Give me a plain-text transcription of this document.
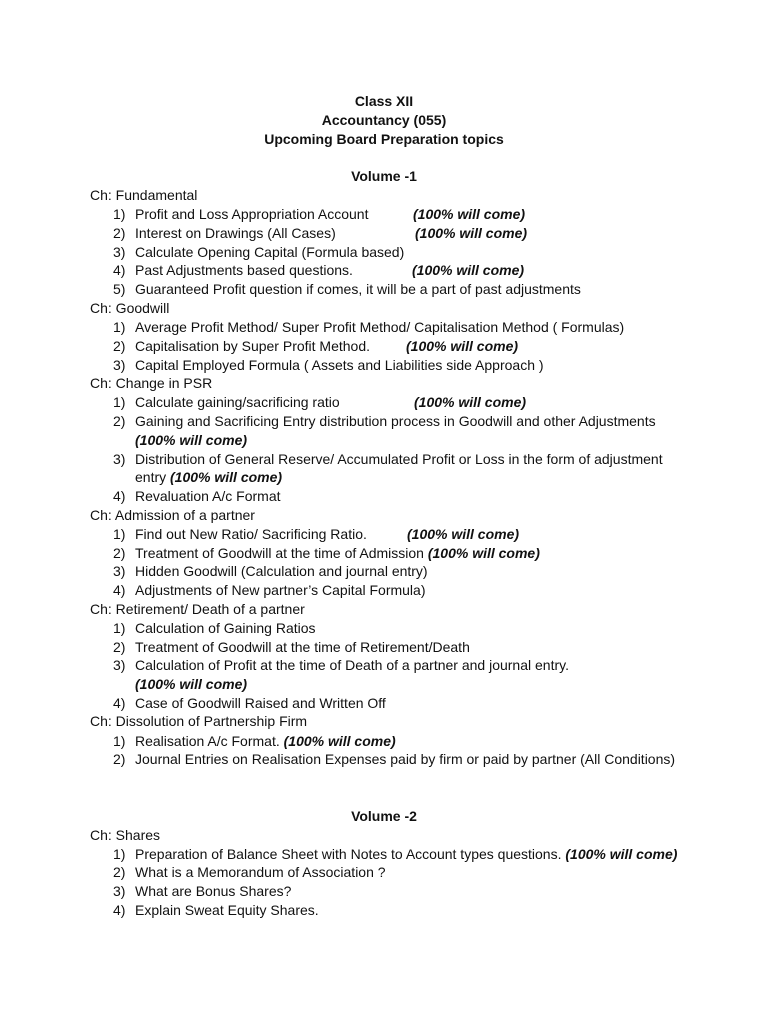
Class XII
Accountancy (055)
Upcoming Board Preparation topics
Volume -1
Ch: Fundamental
1) Profit and Loss Appropriation Account	(100% will come)
2) Interest on Drawings (All Cases)	(100% will come)
3) Calculate Opening Capital (Formula based)
4) Past Adjustments based questions.	(100% will come)
5) Guaranteed Profit question if comes, it will be a part of past adjustments
Ch: Goodwill
1) Average Profit Method/ Super Profit Method/ Capitalisation Method ( Formulas)
2) Capitalisation by Super Profit Method.	(100% will come)
3) Capital Employed Formula ( Assets and Liabilities side Approach )
Ch: Change in PSR
1) Calculate gaining/sacrificing ratio	(100% will come)
2) Gaining and Sacrificing Entry distribution process in Goodwill and other Adjustments
(100% will come)
3) Distribution of General Reserve/ Accumulated Profit or Loss in the form of adjustment
entry (100% will come)
4) Revaluation A/c Format
Ch: Admission of a partner
1) Find out New Ratio/ Sacrificing Ratio.	(100% will come)
2) Treatment of Goodwill at the time of Admission (100% will come)
3) Hidden Goodwill (Calculation and journal entry)
4) Adjustments of New partner’s Capital Formula)
Ch: Retirement/ Death of a partner
1) Calculation of Gaining Ratios
2) Treatment of Goodwill at the time of Retirement/Death
3) Calculation of Profit at the time of Death of a partner and journal entry.
(100% will come)
4) Case of Goodwill Raised and Written Off
Ch: Dissolution of Partnership Firm
1) Realisation A/c Format. (100% will come)
2) Journal Entries on Realisation Expenses paid by firm or paid by partner (All Conditions)
Volume -2
Ch: Shares
1) Preparation of Balance Sheet with Notes to Account types questions. (100% will come)
2) What is a Memorandum of Association ?
3) What are Bonus Shares?
4) Explain Sweat Equity Shares.
